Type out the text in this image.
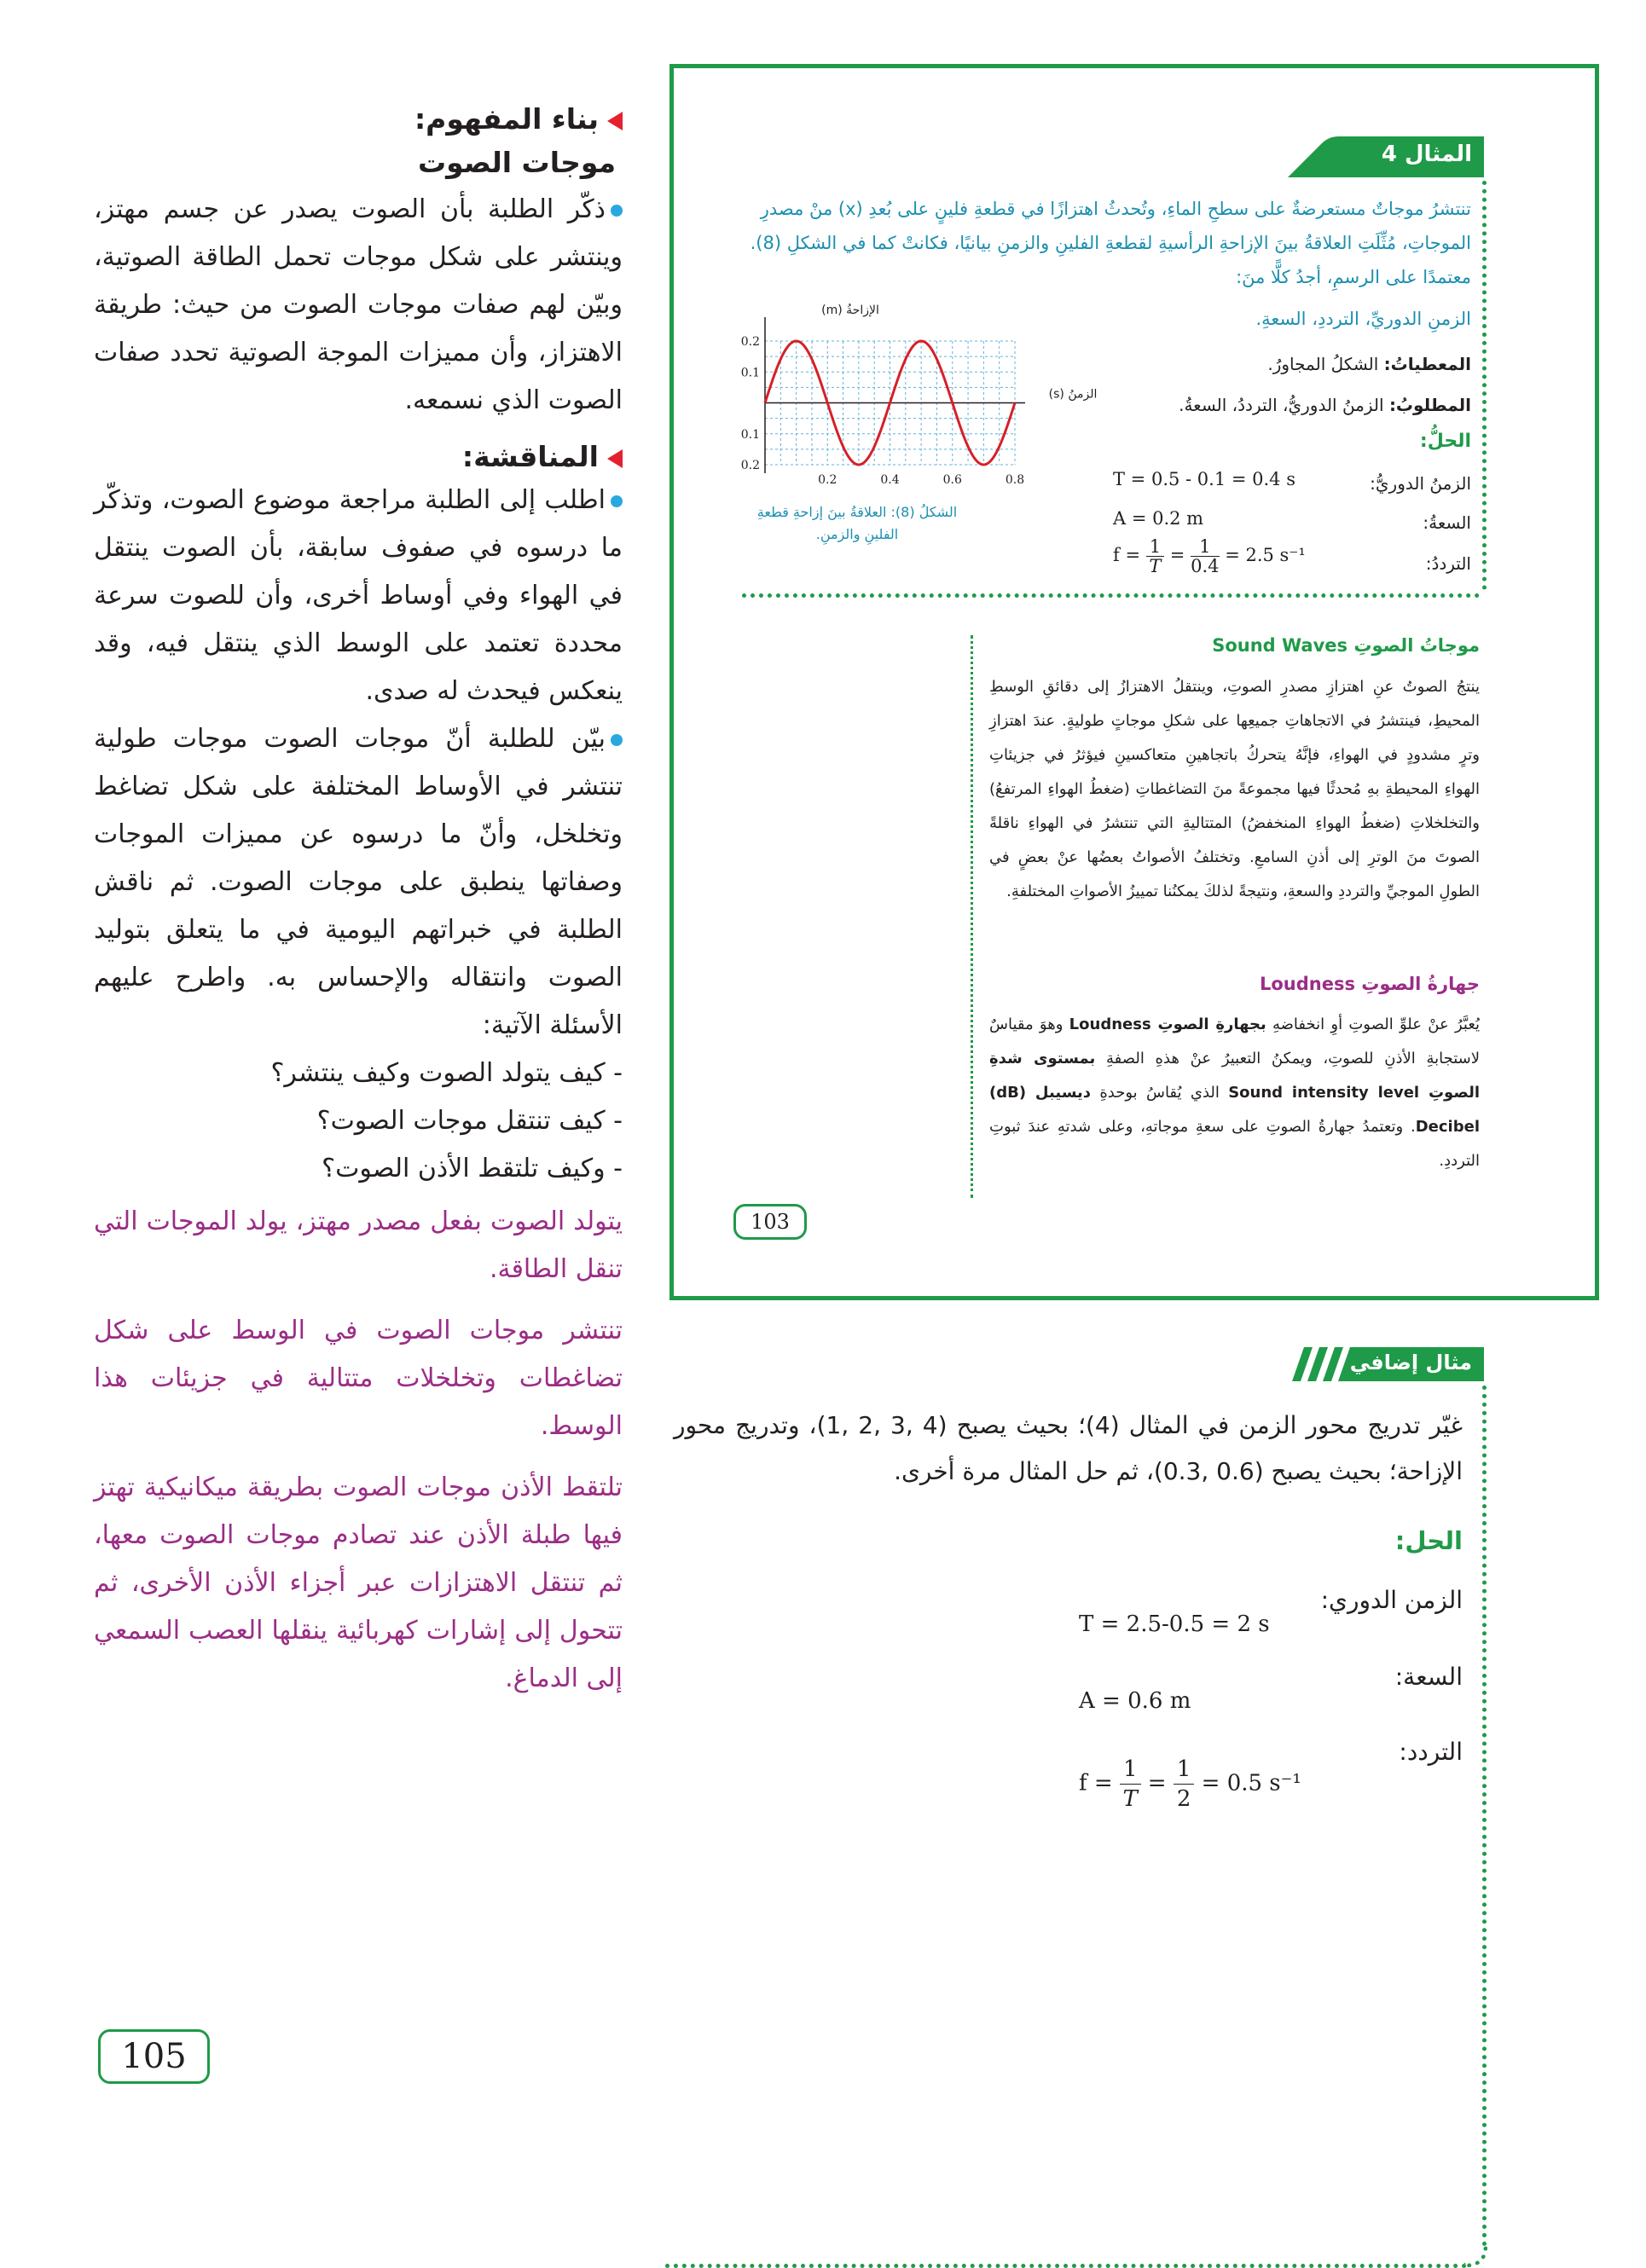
بناء المفهوم:
موجات الصوت
ذكّر الطلبة بأن الصوت يصدر عن جسم مهتز، وينتشر على شكل موجات تحمل الطاقة الصوتية، وبيّن لهم صفات موجات الصوت من حيث: طريقة الاهتزاز، وأن مميزات الموجة الصوتية تحدد صفات الصوت الذي نسمعه.
المناقشة:
اطلب إلى الطلبة مراجعة موضوع الصوت، وتذكّر ما درسوه في صفوف سابقة، بأن الصوت ينتقل في الهواء وفي أوساط أخرى، وأن للصوت سرعة محددة تعتمد على الوسط الذي ينتقل فيه، وقد ينعكس فيحدث له صدى.
بيّن للطلبة أنّ موجات الصوت موجات طولية تنتشر في الأوساط المختلفة على شكل تضاغط وتخلخل، وأنّ ما درسوه عن مميزات الموجات وصفاتها ينطبق على موجات الصوت. ثم ناقش الطلبة في خبراتهم اليومية في ما يتعلق بتوليد الصوت وانتقاله والإحساس به. واطرح عليهم الأسئلة الآتية:
- كيف يتولد الصوت وكيف ينتشر؟
- كيف تنتقل موجات الصوت؟
- وكيف تلتقط الأذن الصوت؟
يتولد الصوت بفعل مصدر مهتز، يولد الموجات التي تنقل الطاقة.
تنتشر موجات الصوت في الوسط على شكل تضاغطات وتخلخلات متتالية في جزيئات هذا الوسط.
تلتقط الأذن موجات الصوت بطريقة ميكانيكية تهتز فيها طبلة الأذن عند تصادم موجات الصوت معها، ثم تنتقل الاهتزازات عبر أجزاء الأذن الأخرى، ثم تتحول إلى إشارات كهربائية ينقلها العصب السمعي إلى الدماغ.
المثال 4
تنتشرُ موجاتٌ مستعرضةٌ على سطحِ الماءِ، وتُحدثُ اهتزازًا في قطعةِ فلينٍ على بُعدِ (x) منْ مصدرِ الموجاتِ، مُثِّلَتِ العلاقةُ بينَ الإزاحةِ الرأسيةِ لقطعةِ الفلينِ والزمنِ بيانيًا، فكانتْ كما في الشكلِ (8). معتمدًا على الرسمِ، أجدُ كلًّا منَ:
الزمنِ الدوريِّ، الترددِ، السعةِ.
المعطياتُ: الشكلُ المجاورُ.
المطلوبُ: الزمنُ الدوريُّ، الترددُ، السعةُ.
الحلُّ:
الزمنُ الدوريُّ:
T = 0.5 - 0.1 = 0.4 s
السعةُ:
A = 0.2 m
الترددُ:
$f = \frac{1}{T} = \frac{1}{0.4} = 2.5$ s⁻¹
0.2	0.4	0.6	0.8
0.2
0.1
0.1
0.2
الإزاحةُ (m)
الزمنُ (s)
الشكلُ (8): العلاقةُ بينَ إزاحةِ قطعةِ الفلينِ والزمنِ.
موجاتُ الصوتِ Sound Waves
ينتجُ الصوتُ عنِ اهتزازِ مصدرِ الصوتِ، وينتقلُ الاهتزازُ إلى دقائقِ الوسطِ المحيطِ، فينتشرُ في الاتجاهاتِ جميعِها على شكلِ موجاتٍ طوليةٍ. عندَ اهتزازِ وترٍ مشدودٍ في الهواءِ، فإنَّهُ يتحركُ باتجاهينِ متعاكسينِ فيؤثرُ في جزيئاتِ الهواءِ المحيطةِ بهِ مُحدثًا فيها مجموعةً منَ التضاغطاتِ (ضغطُ الهواءِ المرتفعُ) والتخلخلاتِ (ضغطُ الهواءِ المنخفضُ) المتتاليةِ التي تنتشرُ في الهواءِ ناقلةً الصوتَ منَ الوترِ إلى أذنِ السامعِ. وتختلفُ الأصواتُ بعضُها عنْ بعضٍ في الطولِ الموجيِّ والترددِ والسعةِ، ونتيجةً لذلكَ يمكنُنا تمييزُ الأصواتِ المختلفةِ.
جهارةُ الصوتِ Loudness
يُعبَّرُ عنْ علوِّ الصوتِ أوِ انخفاضهِ بجهارةِ الصوتِ Loudness وهوَ مقياسٌ لاستجابةِ الأذنِ للصوتِ، ويمكنُ التعبيرُ عنْ هذهِ الصفةِ بمستوى شدةِ الصوتِ Sound intensity level الذي يُقاسُ بوحدةِ ديسيبل (dB) Decibel. وتعتمدُ جهارةُ الصوتِ على سعةِ موجاتهِ، وعلى شدتهِ عندَ ثبوتِ الترددِ.
103
مثال إضافي
غيّر تدريج محور الزمن في المثال (4)؛ بحيث يصبح (4 ,3 ,2 ,1)، وتدريج محور الإزاحة؛ بحيث يصبح (0.6 ,0.3)، ثم حل المثال مرة أخرى.
الحل:
الزمن الدوري:
T = 2.5-0.5 = 2 s
السعة:
A = 0.6 m
التردد:
$f = \frac{1}{T} = \frac{1}{2} = 0.5$ s⁻¹
105
